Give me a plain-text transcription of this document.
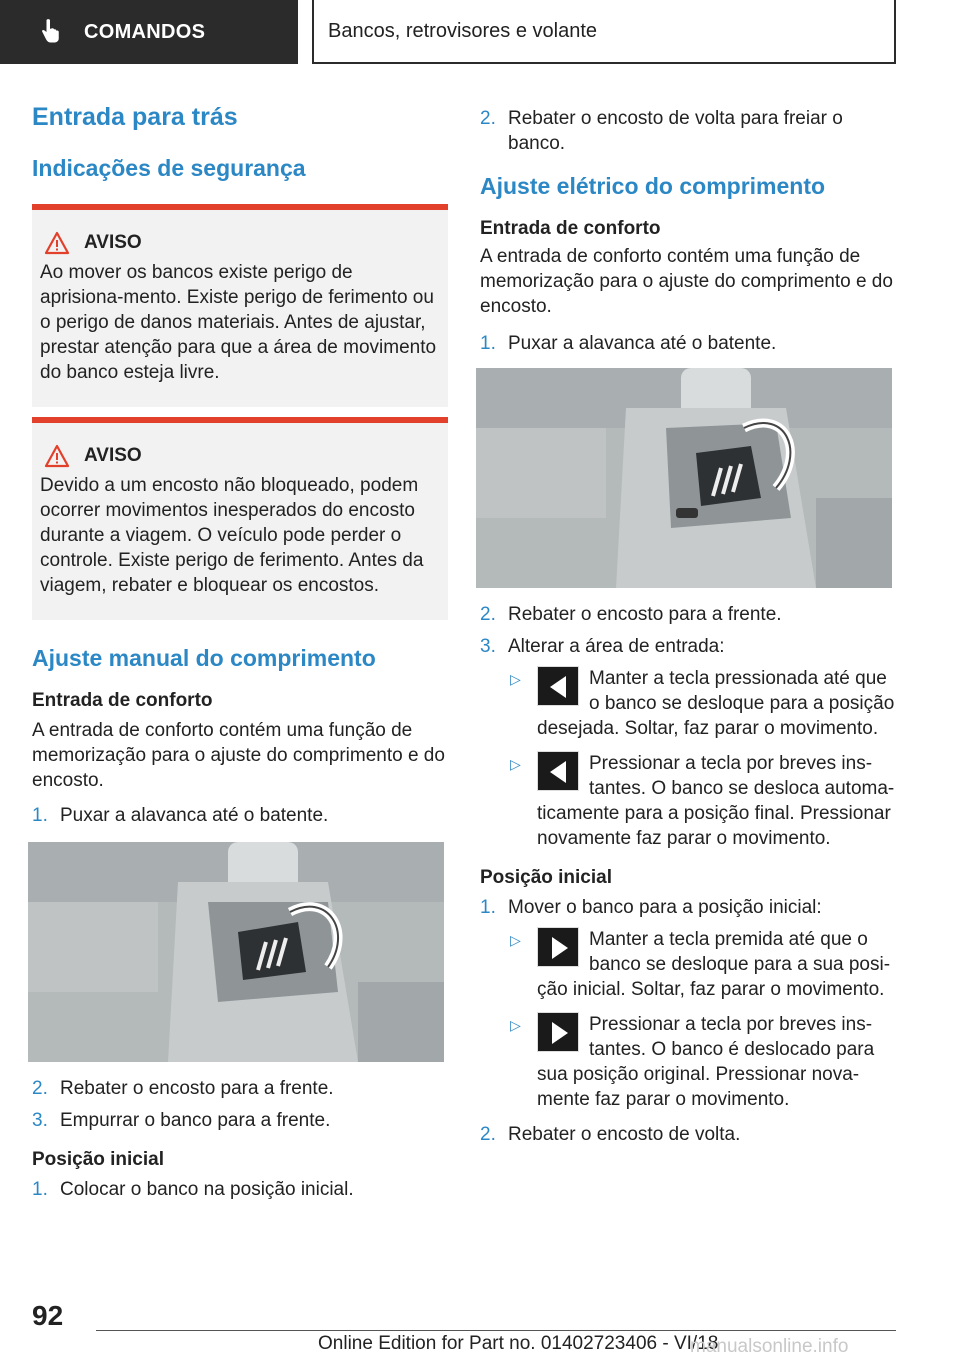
COMANDOS	Bancos, retrovisores e volante
Entrada para trás
Indicações de segurança
AVISO

Ao mover os bancos existe perigo de aprisiona‐mento. Existe perigo de ferimento ou o perigo de danos materiais. Antes de ajustar, prestar atenção para que a área de movimento do banco esteja livre.

AVISO

Devido a um encosto não bloqueado, podem ocorrer movimentos inesperados do encosto durante a viagem. O veículo pode perder o controle. Existe perigo de ferimento. Antes da viagem, rebater e bloquear os encostos.

Ajuste manual do comprimento
Entrada de conforto

A entrada de conforto contém uma função de memorização para o ajuste do comprimento e do encosto.

1. Puxar a alavanca até o batente.
2. Rebater o encosto para a frente.
3. Empurrar o banco para a frente.
Posição inicial
1. Colocar o banco na posição inicial.
2. Rebater o encosto de volta para freiar o banco.
Ajuste elétrico do comprimento
Entrada de conforto

A entrada de conforto contém uma função de memorização para o ajuste do comprimento e do encosto.

1. Puxar a alavanca até o batente.
2. Rebater o encosto para a frente.
3. Alterar a área de entrada:
▷	Manter a tecla pressionada até que o banco se desloque para a posição desejada. Soltar, faz parar o movimento.

▷	Pressionar a tecla por breves ins‐tantes. O banco se desloca automa‐ticamente para a posição final. Pressionar novamente faz parar o movimento.

Posição inicial
1. Mover o banco para a posição inicial:
▷	Manter a tecla premida até que o banco se desloque para a sua posi‐ção inicial. Soltar, faz parar o movimento.

▷	Pressionar a tecla por breves ins‐tantes. O banco é deslocado para sua posição original. Pressionar nova‐mente faz parar o movimento.

2. Rebater o encosto de volta.
92
Online Edition for Part no. 01402723406 - VI/18
manualsonline.info
